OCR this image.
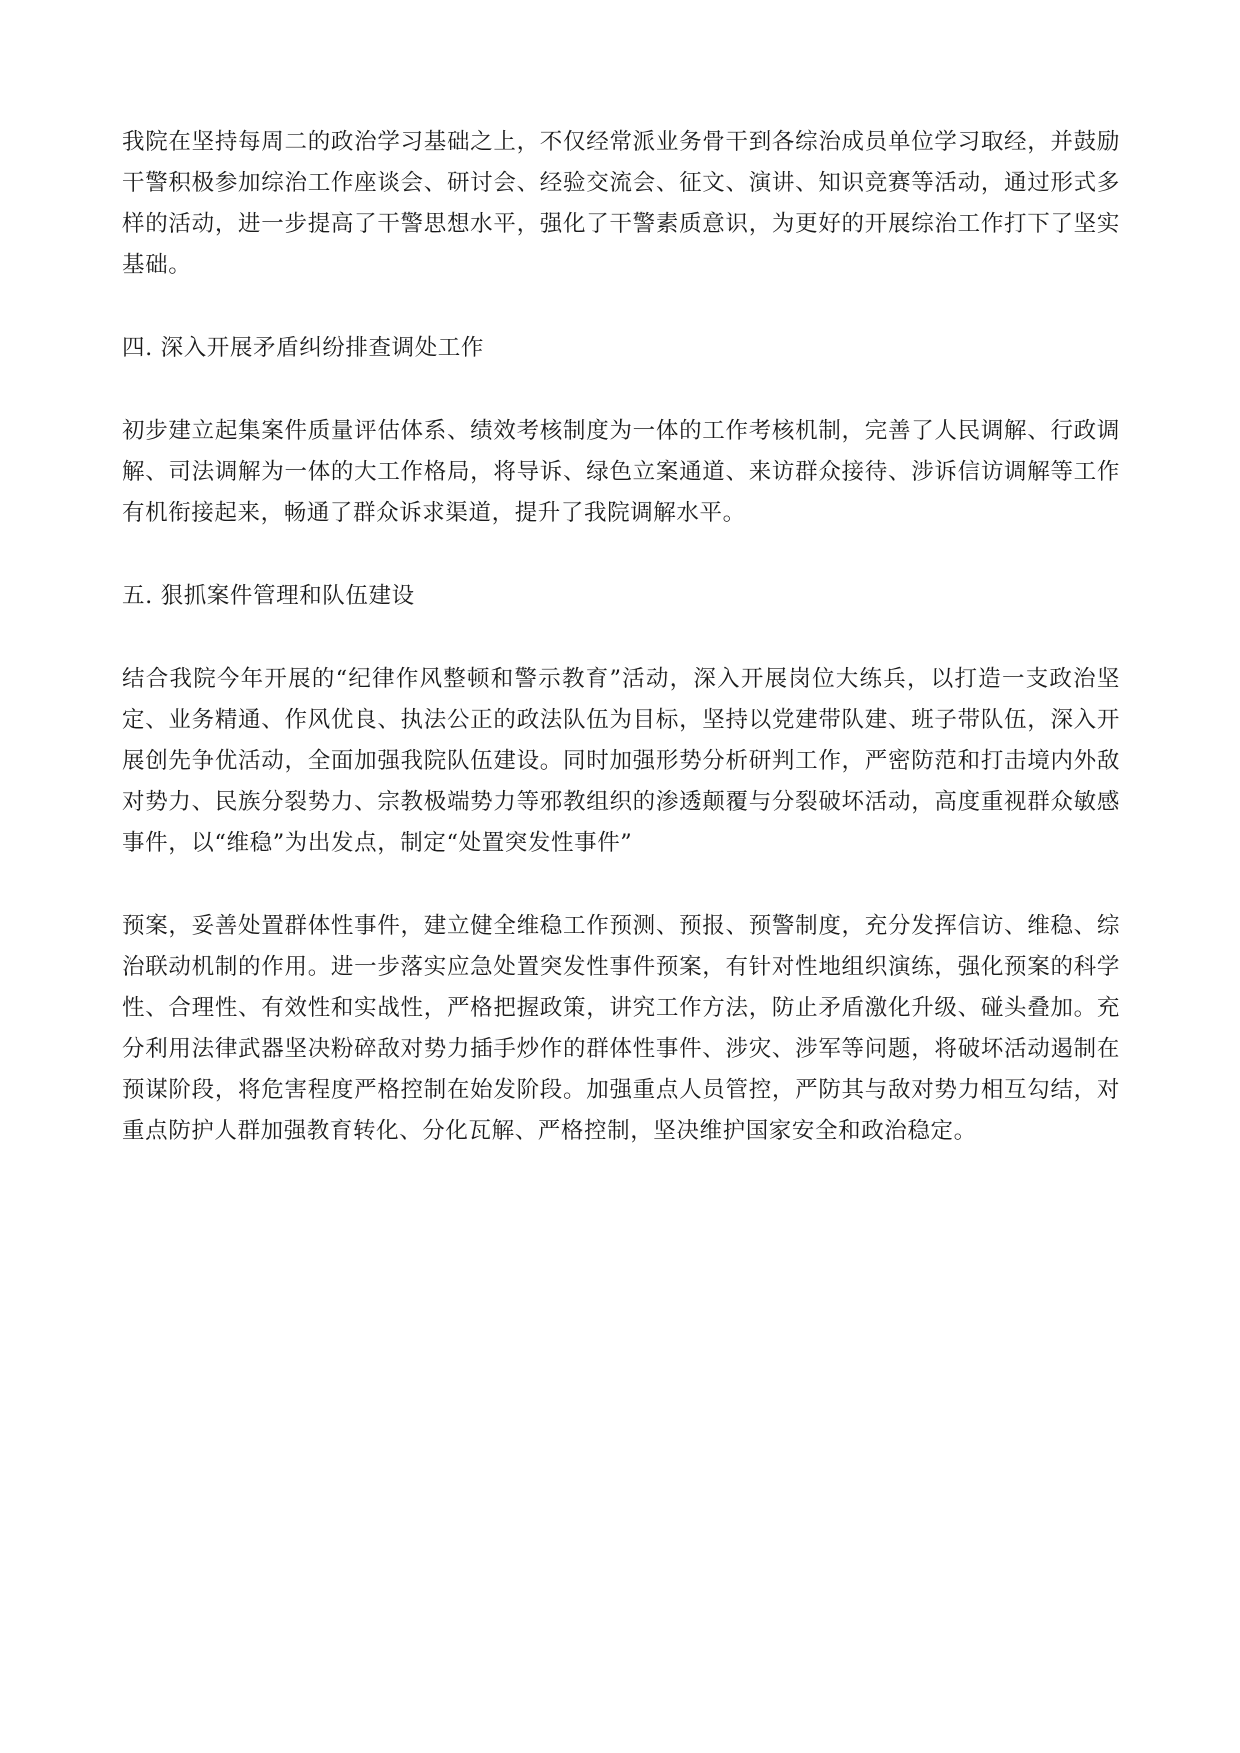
我院在坚持每周二的政治学习基础之上，不仅经常派业务骨干到各综治成员单位学习取经，并鼓励干警积极参加综治工作座谈会、研讨会、经验交流会、征文、演讲、知识竞赛等活动，通过形式多样的活动，进一步提高了干警思想水平，强化了干警素质意识，为更好的开展综治工作打下了坚实基础。

四. 深入开展矛盾纠纷排查调处工作

初步建立起集案件质量评估体系、绩效考核制度为一体的工作考核机制，完善了人民调解、行政调解、司法调解为一体的大工作格局，将导诉、绿色立案通道、来访群众接待、涉诉信访调解等工作有机衔接起来，畅通了群众诉求渠道，提升了我院调解水平。

五. 狠抓案件管理和队伍建设

结合我院今年开展的“纪律作风整顿和警示教育”活动，深入开展岗位大练兵，以打造一支政治坚定、业务精通、作风优良、执法公正的政法队伍为目标，坚持以党建带队建、班子带队伍，深入开展创先争优活动，全面加强我院队伍建设。同时加强形势分析研判工作，严密防范和打击境内外敌对势力、民族分裂势力、宗教极端势力等邪教组织的渗透颠覆与分裂破坏活动，高度重视群众敏感事件，以“维稳”为出发点，制定“处置突发性事件”

预案，妥善处置群体性事件，建立健全维稳工作预测、预报、预警制度，充分发挥信访、维稳、综治联动机制的作用。进一步落实应急处置突发性事件预案，有针对性地组织演练，强化预案的科学性、合理性、有效性和实战性，严格把握政策，讲究工作方法，防止矛盾激化升级、碰头叠加。充分利用法律武器坚决粉碎敌对势力插手炒作的群体性事件、涉灾、涉军等问题，将破坏活动遏制在预谋阶段，将危害程度严格控制在始发阶段。加强重点人员管控，严防其与敌对势力相互勾结，对重点防护人群加强教育转化、分化瓦解、严格控制，坚决维护国家安全和政治稳定。
